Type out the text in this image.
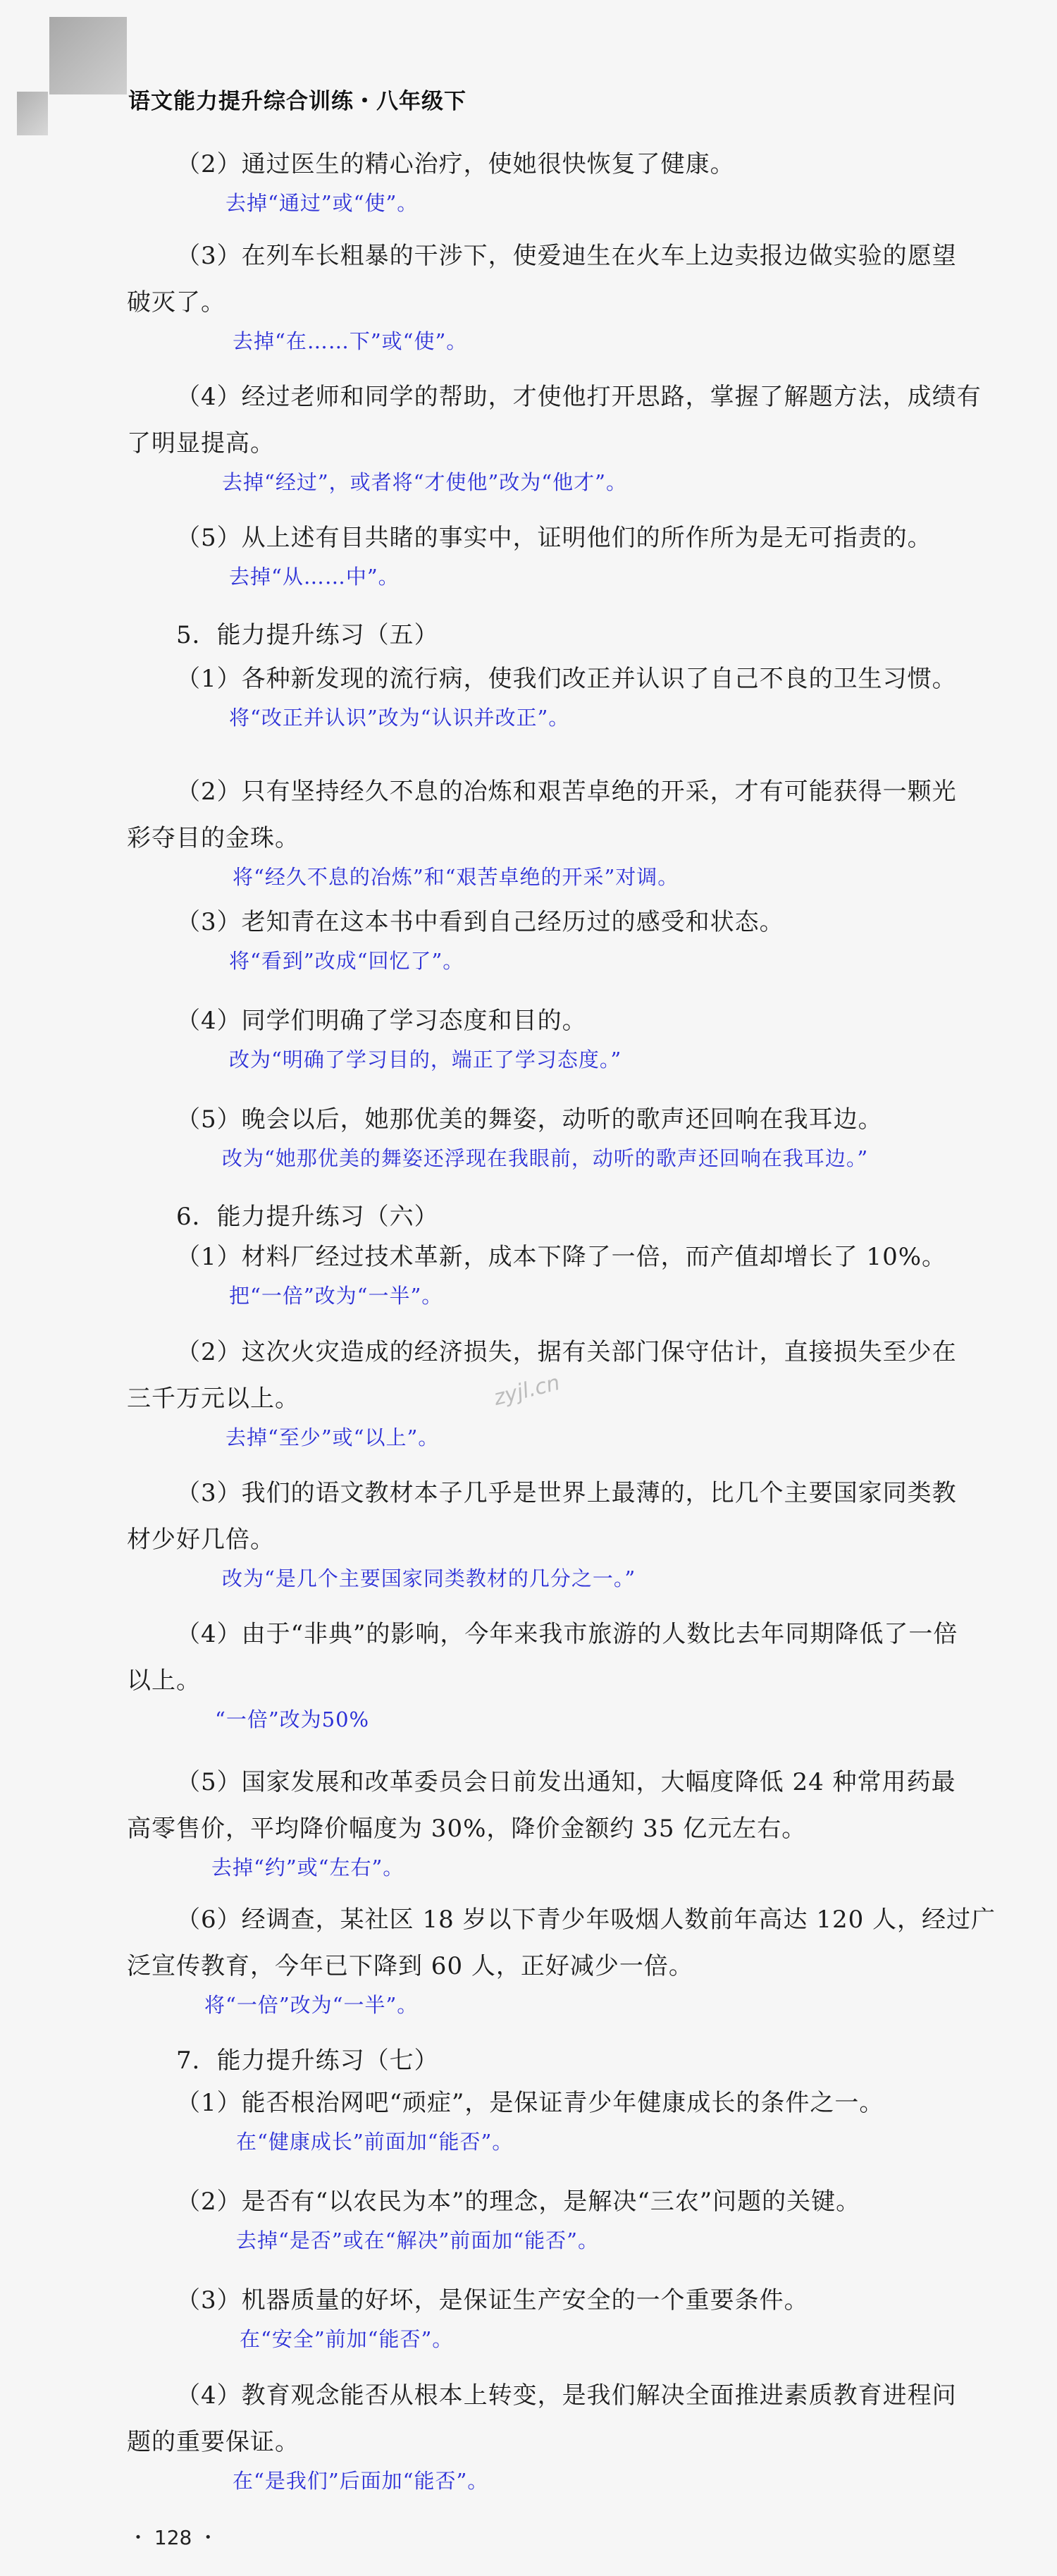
语文能力提升综合训练・八年级下
（2）通过医生的精心治疗，使她很快恢复了健康。
去掉“通过”或“使”。
（3）在列车长粗暴的干涉下，使爱迪生在火车上边卖报边做实验的愿望
破灭了。
去掉“在……下”或“使”。
（4）经过老师和同学的帮助，才使他打开思路，掌握了解题方法，成绩有
了明显提高。
去掉“经过”，或者将“才使他”改为“他才”。
（5）从上述有目共睹的事实中，证明他们的所作所为是无可指责的。
去掉“从……中”。
5．能力提升练习（五）
（1）各种新发现的流行病，使我们改正并认识了自己不良的卫生习惯。
将“改正并认识”改为“认识并改正”。
（2）只有坚持经久不息的冶炼和艰苦卓绝的开采，才有可能获得一颗光
彩夺目的金珠。
将“经久不息的冶炼”和“艰苦卓绝的开采”对调。
（3）老知青在这本书中看到自己经历过的感受和状态。
将“看到”改成“回忆了”。
（4）同学们明确了学习态度和目的。
改为“明确了学习目的，端正了学习态度。”
（5）晚会以后，她那优美的舞姿，动听的歌声还回响在我耳边。
改为“她那优美的舞姿还浮现在我眼前，动听的歌声还回响在我耳边。”
6．能力提升练习（六）
（1）材料厂经过技术革新，成本下降了一倍，而产值却增长了 10%。
把“一倍”改为“一半”。
（2）这次火灾造成的经济损失，据有关部门保守估计，直接损失至少在
三千万元以上。
去掉“至少”或“以上”。
（3）我们的语文教材本子几乎是世界上最薄的，比几个主要国家同类教
材少好几倍。
改为“是几个主要国家同类教材的几分之一。”
（4）由于“非典”的影响，今年来我市旅游的人数比去年同期降低了一倍
以上。
“一倍”改为50%
（5）国家发展和改革委员会日前发出通知，大幅度降低 24 种常用药最
高零售价，平均降价幅度为 30%，降价金额约 35 亿元左右。
去掉“约”或“左右”。
（6）经调查，某社区 18 岁以下青少年吸烟人数前年高达 120 人，经过广
泛宣传教育，今年已下降到 60 人，正好减少一倍。
将“一倍”改为“一半”。
7．能力提升练习（七）
（1）能否根治网吧“顽症”，是保证青少年健康成长的条件之一。
在“健康成长”前面加“能否”。
（2）是否有“以农民为本”的理念，是解决“三农”问题的关键。
去掉“是否”或在“解决”前面加“能否”。
（3）机器质量的好坏，是保证生产安全的一个重要条件。
在“安全”前加“能否”。
（4）教育观念能否从根本上转变，是我们解决全面推进素质教育进程问
题的重要保证。
在“是我们”后面加“能否”。
zyjl.cn
・ 128 ・
